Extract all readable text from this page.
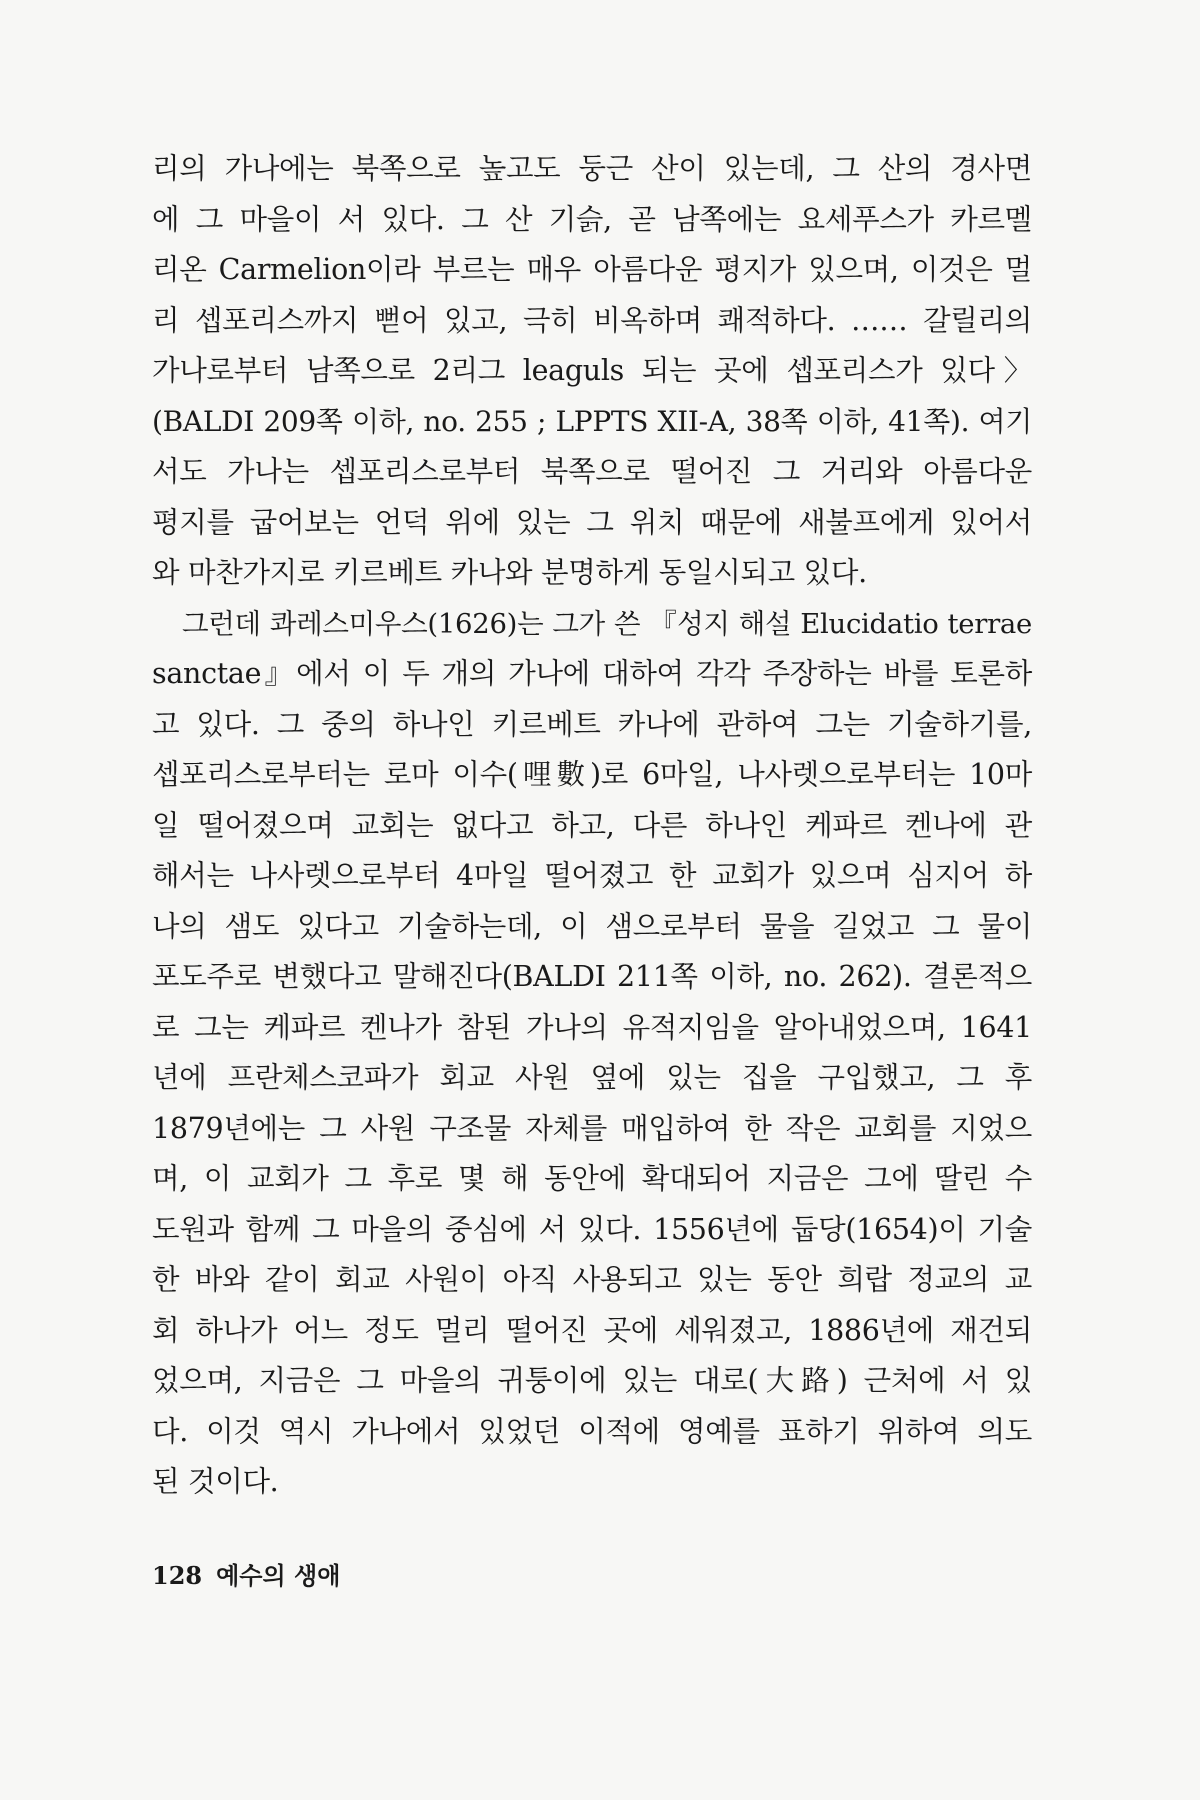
리의 가나에는 북쪽으로 높고도 둥근 산이 있는데, 그 산의 경사면
에 그 마을이 서 있다. 그 산 기슭, 곧 남쪽에는 요세푸스가 카르멜
리온 Carmelion이라 부르는 매우 아름다운 평지가 있으며, 이것은 멀
리 셉포리스까지 뻗어 있고, 극히 비옥하며 쾌적하다. …… 갈릴리의
가나로부터 남쪽으로 2리그 leaguls 되는 곳에 셉포리스가 있다〉
(BALDI 209쪽 이하, no. 255 ; LPPTS XII-A, 38쪽 이하, 41쪽). 여기
서도 가나는 셉포리스로부터 북쪽으로 떨어진 그 거리와 아름다운
평지를 굽어보는 언덕 위에 있는 그 위치 때문에 새불프에게 있어서
와 마찬가지로 키르베트 카나와 분명하게 동일시되고 있다.
그런데 콰레스미우스(1626)는 그가 쓴 『성지 해설 Elucidatio terrae
sanctae』에서 이 두 개의 가나에 대하여 각각 주장하는 바를 토론하
고 있다. 그 중의 하나인 키르베트 카나에 관하여 그는 기술하기를,
셉포리스로부터는 로마 이수(哩數)로 6마일, 나사렛으로부터는 10마
일 떨어졌으며 교회는 없다고 하고, 다른 하나인 케파르 켄나에 관
해서는 나사렛으로부터 4마일 떨어졌고 한 교회가 있으며 심지어 하
나의 샘도 있다고 기술하는데, 이 샘으로부터 물을 길었고 그 물이
포도주로 변했다고 말해진다(BALDI 211쪽 이하, no. 262). 결론적으
로 그는 케파르 켄나가 참된 가나의 유적지임을 알아내었으며, 1641
년에 프란체스코파가 회교 사원 옆에 있는 집을 구입했고, 그 후
1879년에는 그 사원 구조물 자체를 매입하여 한 작은 교회를 지었으
며, 이 교회가 그 후로 몇 해 동안에 확대되어 지금은 그에 딸린 수
도원과 함께 그 마을의 중심에 서 있다. 1556년에 둡당(1654)이 기술
한 바와 같이 회교 사원이 아직 사용되고 있는 동안 희랍 정교의 교
회 하나가 어느 정도 멀리 떨어진 곳에 세워졌고, 1886년에 재건되
었으며, 지금은 그 마을의 귀퉁이에 있는 대로(大路) 근처에 서 있
다. 이것 역시 가나에서 있었던 이적에 영예를 표하기 위하여 의도
된 것이다.
128 예수의 생애
